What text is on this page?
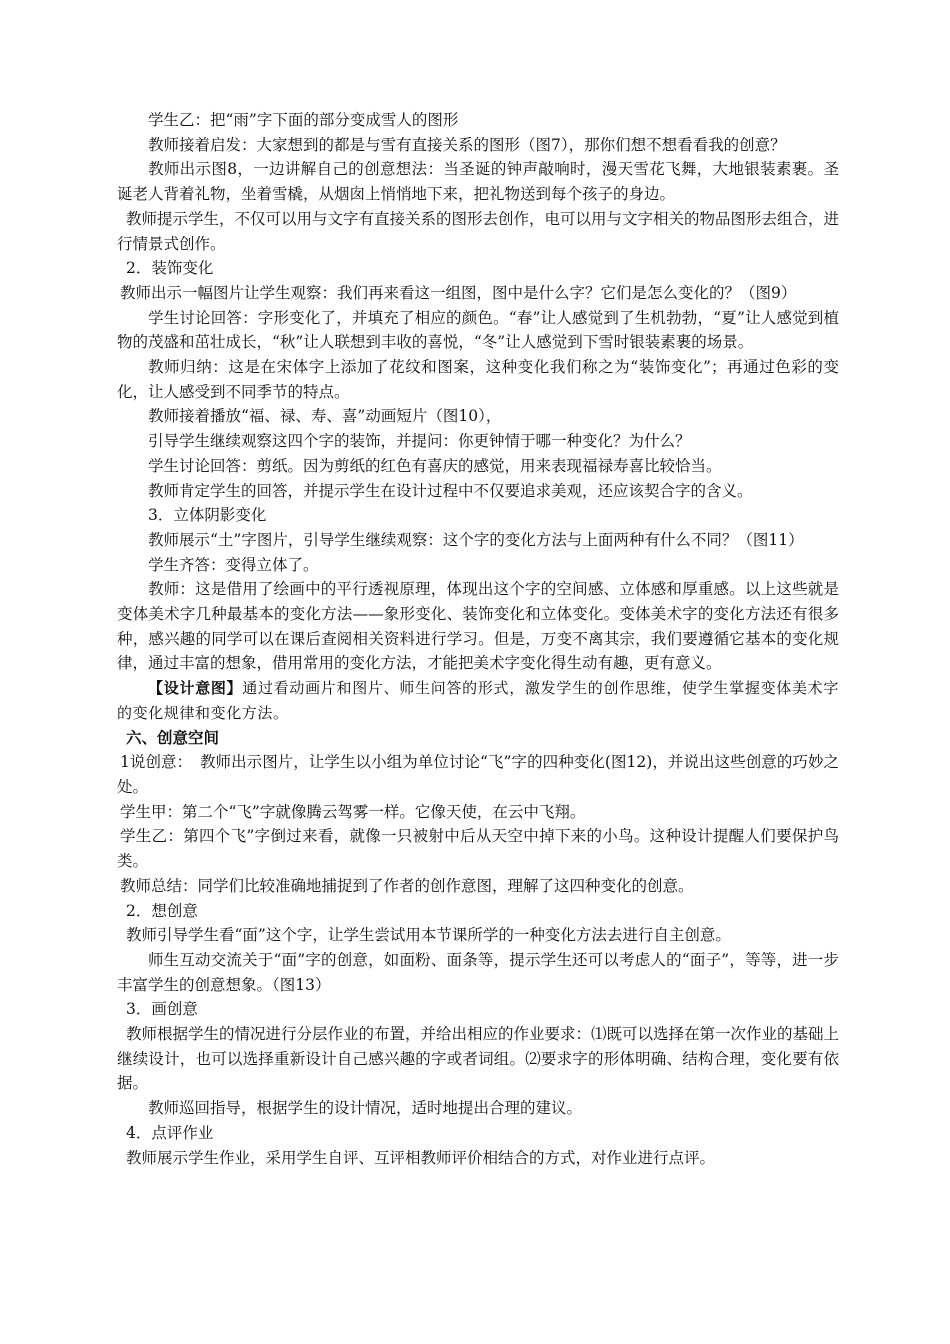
学生乙：把“雨”字下面的部分变成雪人的图形

教师接着启发：大家想到的都是与雪有直接关系的图形（图7），那你们想不想看看我的创意？

教师出示图8，一边讲解自己的创意想法：当圣诞的钟声敲响时，漫天雪花飞舞，大地银装素裹。圣诞老人背着礼物，坐着雪橇，从烟囱上悄悄地下来，把礼物送到每个孩子的身边。

教师提示学生，不仅可以用与文字有直接关系的图形去创作，电可以用与文字相关的物品图形去组合，进行情景式创作。

2．装饰变化

教师出示一幅图片让学生观察：我们再来看这一组图，图中是什么字？它们是怎么变化的？（图9）

学生讨论回答：字形变化了，并填充了相应的颜色。“春”让人感觉到了生机勃勃，“夏”让人感觉到植物的茂盛和茁壮成长，“秋”让人联想到丰收的喜悦，“冬”让人感觉到下雪时银装素裹的场景。

教师归纳：这是在宋体字上添加了花纹和图案，这种变化我们称之为“装饰变化”；再通过色彩的变化，让人感受到不同季节的特点。

教师接着播放“福、禄、寿、喜”动画短片（图10），

引导学生继续观察这四个字的装饰，并提问：你更钟情于哪一种变化？为什么？

学生讨论回答：剪纸。因为剪纸的红色有喜庆的感觉，用来表现福禄寿喜比较恰当。

教师肯定学生的回答，并提示学生在设计过程中不仅要追求美观，还应该契合字的含义。

3．立体阴影变化

教师展示“土”字图片，引导学生继续观察：这个字的变化方法与上面两种有什么不同？（图11）

学生齐答：变得立体了。

教师：这是借用了绘画中的平行透视原理，体现出这个字的空间感、立体感和厚重感。以上这些就是变体美术字几种最基本的变化方法——象形变化、装饰变化和立体变化。变体美术字的变化方法还有很多种，感兴趣的同学可以在课后查阅相关资料进行学习。但是，万变不离其宗，我们要遵循它基本的变化规律，通过丰富的想象，借用常用的变化方法，才能把美术字变化得生动有趣，更有意义。

【设计意图】通过看动画片和图片、师生问答的形式，激发学生的创作思维，使学生掌握变体美术字的变化规律和变化方法。

六、创意空间

1说创意：　教师出示图片，让学生以小组为单位讨论“飞”字的四种变化(图12)，并说出这些创意的巧妙之处。

学生甲：第二个“飞”字就像腾云驾雾一样。它像天使，在云中飞翔。

学生乙：第四个飞”字倒过来看，就像一只被射中后从天空中掉下来的小鸟。这种设计提醒人们要保护鸟类。

教师总结：同学们比较准确地捕捉到了作者的创作意图，理解了这四种变化的创意。

2．想创意

教师引导学生看“面”这个字，让学生尝试用本节课所学的一种变化方法去进行自主创意。

师生互动交流关于“面”字的创意，如面粉、面条等，提示学生还可以考虑人的“面子”，等等，进一步丰富学生的创意想象。（图13）

3．画创意

教师根据学生的情况进行分层作业的布置，并给出相应的作业要求：⑴既可以选择在第一次作业的基础上继续设计，也可以选择重新设计自己感兴趣的字或者词组。⑵要求字的形体明确、结构合理，变化要有依据。

教师巡回指导，根据学生的设计情况，适时地提出合理的建议。

4．点评作业

教师展示学生作业，采用学生自评、互评相教师评价相结合的方式，对作业进行点评。
